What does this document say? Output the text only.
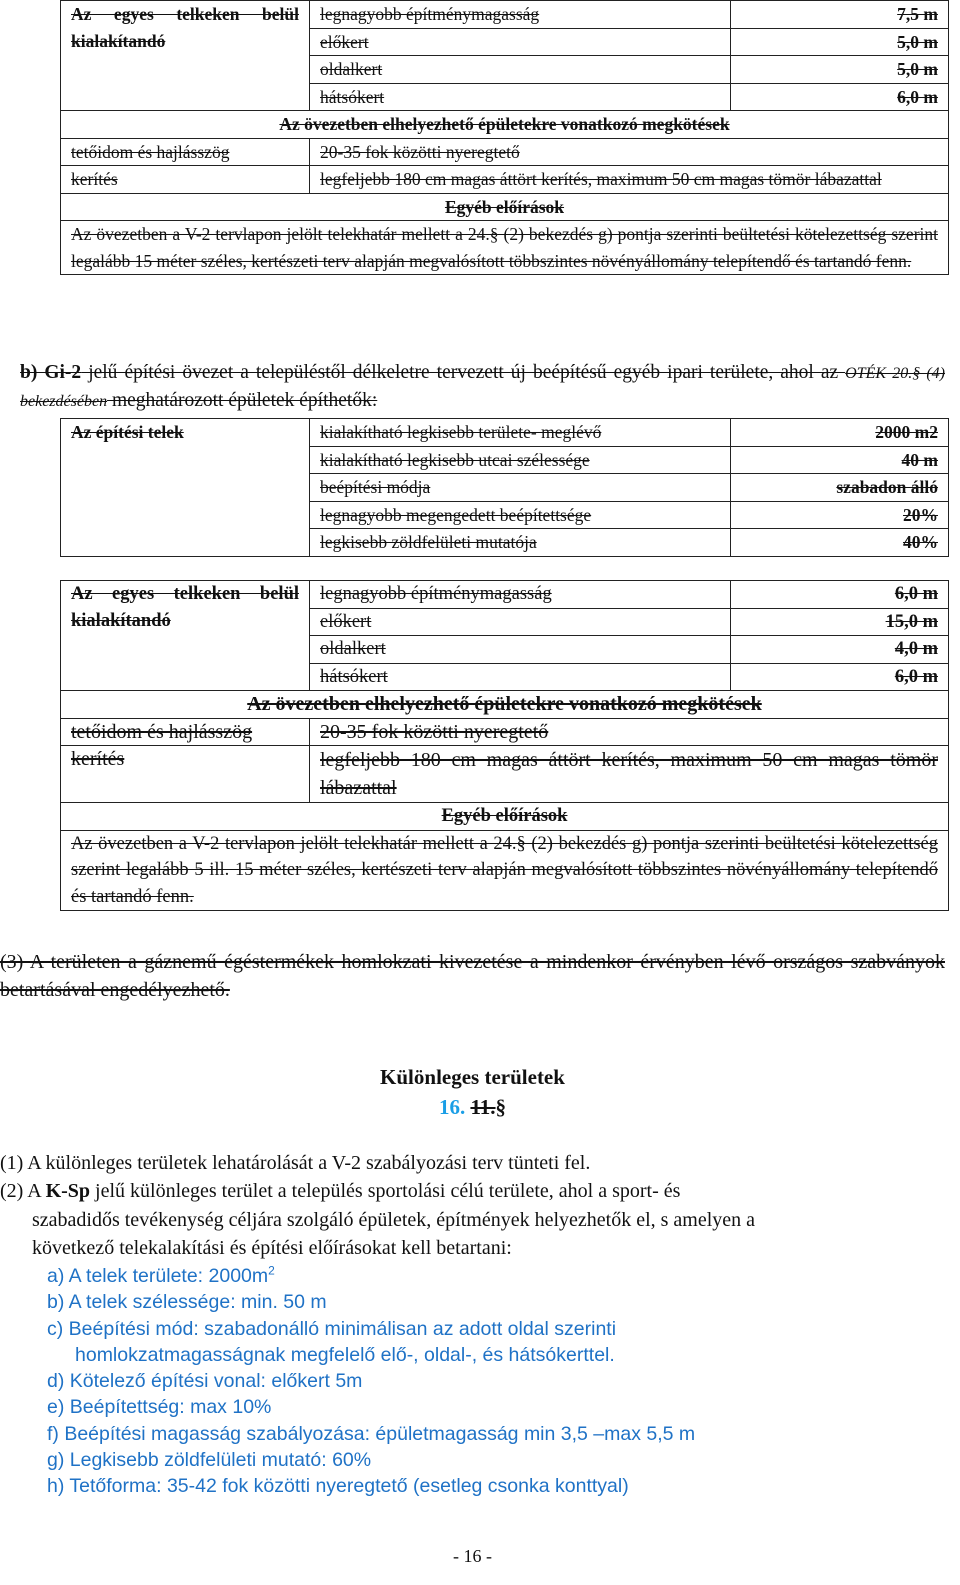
Az egyes telkeken belül kialakítandó	legnagyobb építménymagasság	7,5 m
	előkert	5,0 m
	oldalkert	5,0 m
	hátsókert	6,0 m
Az övezetben elhelyezhető épületekre vonatkozó megkötések		
tetőidom és hajlásszög	20-35 fok közötti nyeregtető	
kerítés	legfeljebb 180 cm magas áttört kerítés, maximum 50 cm magas tömör lábazattal	
Egyéb előírások		
Az övezetben a V-2 tervlapon jelölt telekhatár mellett a 24.§ (2) bekezdés g) pontja szerinti beültetési kötelezettség szerint legalább 15 méter széles, kertészeti terv alapján megvalósított többszintes növényállomány telepítendő és tartandó fenn.		
b) Gi-2 jelű építési övezet a településtől délkeletre tervezett új beépítésű egyéb ipari területe, ahol az OTÉK 20.§ (4) bekezdésében meghatározott épületek építhetők:
Az építési telek	kialakítható legkisebb területe- meglévő	2000 m2
	kialakítható legkisebb utcai szélessége	40 m
	beépítési módja	szabadon álló
	legnagyobb megengedett beépítettsége	20%
	legkisebb zöldfelületi mutatója	40%
Az egyes telkeken belül kialakítandó	legnagyobb építménymagasság	6,0 m
	előkert	15,0 m
	oldalkert	4,0 m
	hátsókert	6,0 m
Az övezetben elhelyezhető épületekre vonatkozó megkötések		
tetőidom és hajlásszög	20-35 fok közötti nyeregtető	
kerítés	legfeljebb 180 cm magas áttört kerítés, maximum 50 cm magas tömör lábazattal	
Egyéb előírások		
Az övezetben a V-2 tervlapon jelölt telekhatár mellett a 24.§ (2) bekezdés g) pontja szerinti beültetési kötelezettség szerint legalább 5 ill. 15 méter széles, kertészeti terv alapján megvalósított többszintes növényállomány telepítendő és tartandó fenn.		
(3) A területen a gáznemű égéstermékek homlokzati kivezetése a mindenkor érvényben lévő országos szabványok betartásával engedélyezhető.
Különleges területek
16. 11.§
(1) A különleges területek lehatárolását a V-2 szabályozási terv tünteti fel.
(2) A K-Sp jelű különleges terület a település sportolási célú területe, ahol a sport- és
szabadidős tevékenység céljára szolgáló épületek, építmények helyezhetők el, s amelyen a
következő telekalakítási és építési előírásokat kell betartani:
a) A telek területe: $2000m^2$
b) A telek szélessége: min. 50 m
c) Beépítési mód: szabadonálló minimálisan az adott oldal szerinti
homlokzatmagasságnak megfelelő elő-, oldal-, és hátsókerttel.
d) Kötelező építési vonal: előkert 5m
e) Beépítettség: max 10%
f) Beépítési magasság szabályozása: épületmagasság min 3,5 –max 5,5 m
g) Legkisebb zöldfelületi mutató: 60%
h) Tetőforma: 35-42 fok közötti nyeregtető (esetleg csonka konttyal)
- 16 -
